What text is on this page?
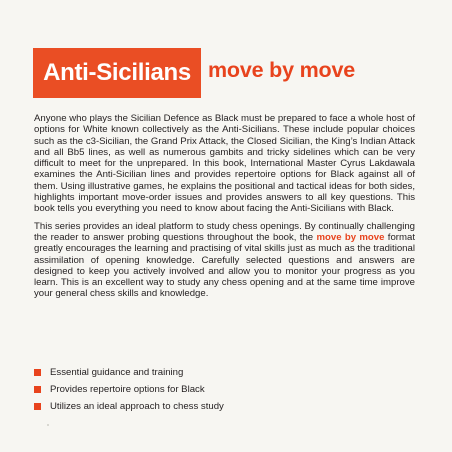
Anti-Sicilians move by move

Anyone who plays the Sicilian Defence as Black must be prepared to face a whole host of options for White known collectively as the Anti-Sicilians. These include popular choices such as the c3-Sicilian, the Grand Prix Attack, the Closed Sicilian, the King’s Indian Attack and all Bb5 lines, as well as numerous gambits and tricky sidelines which can be very difficult to meet for the unprepared. In this book, International Master Cyrus Lakdawala examines the Anti-Sicilian lines and provides repertoire options for Black against all of them. Using illustrative games, he explains the positional and tactical ideas for both sides, highlights important move-order issues and provides answers to all key questions. This book tells you everything you need to know about facing the Anti-Sicilians with Black.

This series provides an ideal platform to study chess openings. By continually challenging the reader to answer probing questions throughout the book, the move by move format greatly encourages the learning and practising of vital skills just as much as the traditional assimilation of opening knowledge. Carefully selected questions and answers are designed to keep you actively involved and allow you to monitor your progress as you learn. This is an excellent way to study any chess opening and at the same time improve your general chess skills and knowledge.

Essential guidance and training
Provides repertoire options for Black
Utilizes an ideal approach to chess study
